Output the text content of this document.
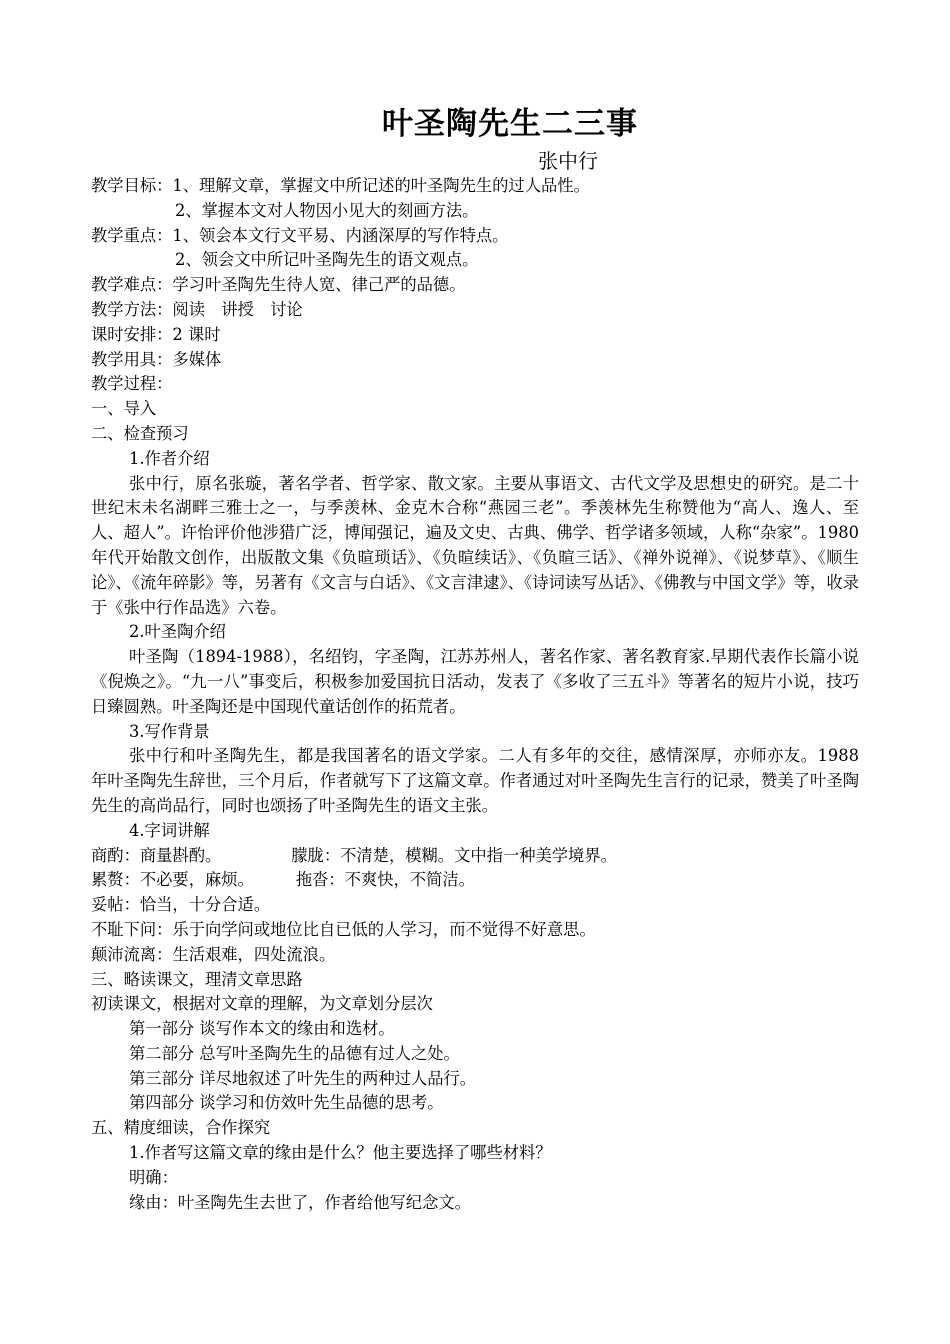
叶圣陶先生二三事
张中行
教学目标：1、理解文章，掌握文中所记述的叶圣陶先生的过人品性。
2、掌握本文对人物因小见大的刻画方法。
教学重点：1、领会本文行文平易、内涵深厚的写作特点。
2、领会文中所记叶圣陶先生的语文观点。
教学难点：学习叶圣陶先生待人宽、律己严的品德。
教学方法：阅读　讲授　讨论
课时安排：2 课时
教学用具：多媒体
教学过程：
一、导入
二、检查预习
1.作者介绍
张中行，原名张璇，著名学者、哲学家、散文家。主要从事语文、古代文学及思想史的研究。是二十世纪末未名湖畔三雅士之一，与季羡林、金克木合称“燕园三老”。季羡林先生称赞他为“高人、逸人、至人、超人”。许怡评价他涉猎广泛，博闻强记，遍及文史、古典、佛学、哲学诸多领域，人称“杂家”。1980 年代开始散文创作，出版散文集《负暄琐话》、《负暄续话》、《负暄三话》、《禅外说禅》、《说梦草》、《顺生论》、《流年碎影》等，另著有《文言与白话》、《文言津逮》、《诗词读写丛话》、《佛教与中国文学》等，收录于《张中行作品选》六卷。
2.叶圣陶介绍
叶圣陶（1894-1988），名绍钧，字圣陶，江苏苏州人，著名作家、著名教育家.早期代表作长篇小说《倪焕之》。“九一八”事变后，积极参加爱国抗日活动，发表了《多收了三五斗》等著名的短片小说，技巧日臻圆熟。叶圣陶还是中国现代童话创作的拓荒者。
3.写作背景
张中行和叶圣陶先生，都是我国著名的语文学家。二人有多年的交往，感情深厚，亦师亦友。1988 年叶圣陶先生辞世，三个月后，作者就写下了这篇文章。作者通过对叶圣陶先生言行的记录，赞美了叶圣陶先生的高尚品行，同时也颂扬了叶圣陶先生的语文主张。
4.字词讲解
商酌：商量斟酌。	朦胧：不清楚，模糊。文中指一种美学境界。
累赘：不必要，麻烦。	拖沓：不爽快，不简洁。
妥帖：恰当，十分合适。
不耻下问：乐于向学问或地位比自已低的人学习，而不觉得不好意思。
颠沛流离：生活艰难，四处流浪。
三、略读课文，理清文章思路
初读课文，根据对文章的理解，为文章划分层次
第一部分 谈写作本文的缘由和选材。
第二部分 总写叶圣陶先生的品德有过人之处。
第三部分 详尽地叙述了叶先生的两种过人品行。
第四部分 谈学习和仿效叶先生品德的思考。
五、精度细读，合作探究
1.作者写这篇文章的缘由是什么？他主要选择了哪些材料？
明确：
缘由：叶圣陶先生去世了，作者给他写纪念文。
